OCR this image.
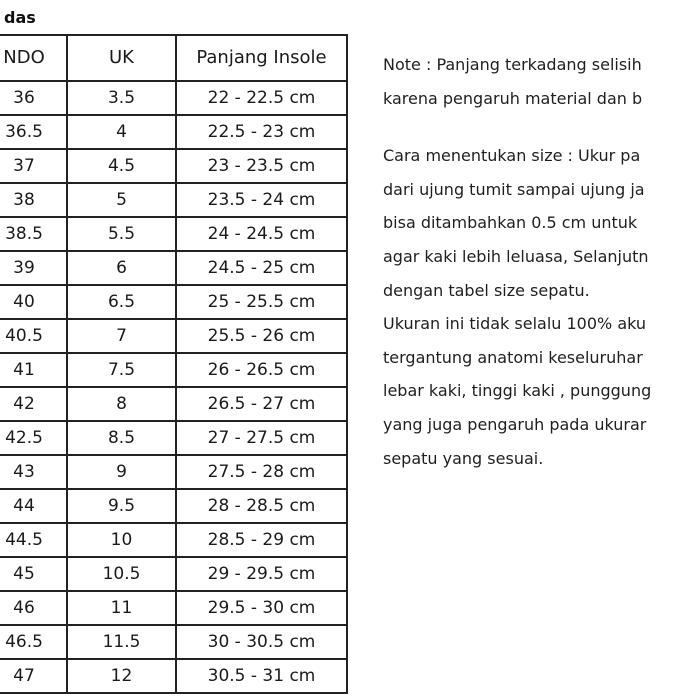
das
NDO	UK	Panjang Insole
36	3.5	22 - 22.5 cm
36.5	4	22.5 - 23 cm
37	4.5	23 - 23.5 cm
38	5	23.5 - 24 cm
38.5	5.5	24 - 24.5 cm
39	6	24.5 - 25 cm
40	6.5	25 - 25.5 cm
40.5	7	25.5 - 26 cm
41	7.5	26 - 26.5 cm
42	8	26.5 - 27 cm
42.5	8.5	27 - 27.5 cm
43	9	27.5 - 28 cm
44	9.5	28 - 28.5 cm
44.5	10	28.5 - 29 cm
45	10.5	29 - 29.5 cm
46	11	29.5 - 30 cm
46.5	11.5	30 - 30.5 cm
47	12	30.5 - 31 cm
Note : Panjang terkadang selisih
karena pengaruh material dan b
Cara menentukan size : Ukur pa
dari ujung tumit sampai ujung ja
bisa ditambahkan 0.5 cm untuk
agar kaki lebih leluasa, Selanjutn
dengan tabel size sepatu.
Ukuran ini tidak selalu 100% aku
tergantung anatomi keseluruhar
lebar kaki, tinggi kaki , punggung
yang juga pengaruh pada ukurar
sepatu yang sesuai.
